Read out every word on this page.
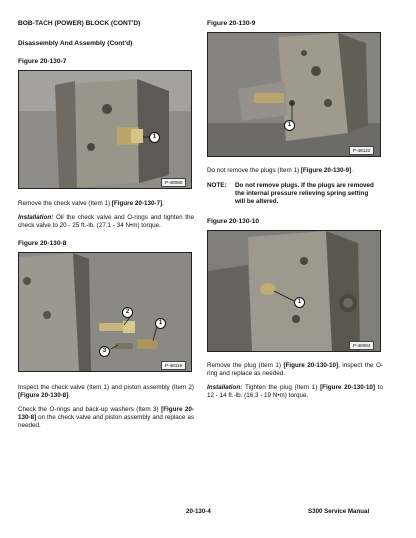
BOB-TACH (POWER) BLOCK (CONT'D)
Disassembly And Assembly (Cont'd)
Figure 20-130-7
1
P-48080
Remove the check valve (Item 1) [Figure 20-130-7].
Installation: Oil the check valve and O-rings and tighten the check valve to 20 - 25 ft.-lb. (27,1 - 34 N•m) torque.
Figure 20-130-8
2
1
3
P-48119
Inspect the check valve (Item 1) and piston assembly (Item 2) [Figure 20-130-8].
Check the O-rings and back-up washers (Item 3) [Figure 20-130-8] on the check valve and piston assembly and replace as needed.
Figure 20-130-9
1
P-48122
Do not remove the plugs (Item 1) [Figure 20-130-9].
NOTE: Do not remove plugs. If the plugs are removed
the internal pressure relieving spring setting
will be altered.
Figure 20-130-10
1
P-48084
Remove the plug (Item 1) [Figure 20-130-10], inspect the O-ring and replace as needed.
Installation: Tighten the plug (Item 1) [Figure 20-130-10] to 12 - 14 ft.-lb. (16,3 - 19 N•m) torque.
20-130-4	S300 Service Manual
